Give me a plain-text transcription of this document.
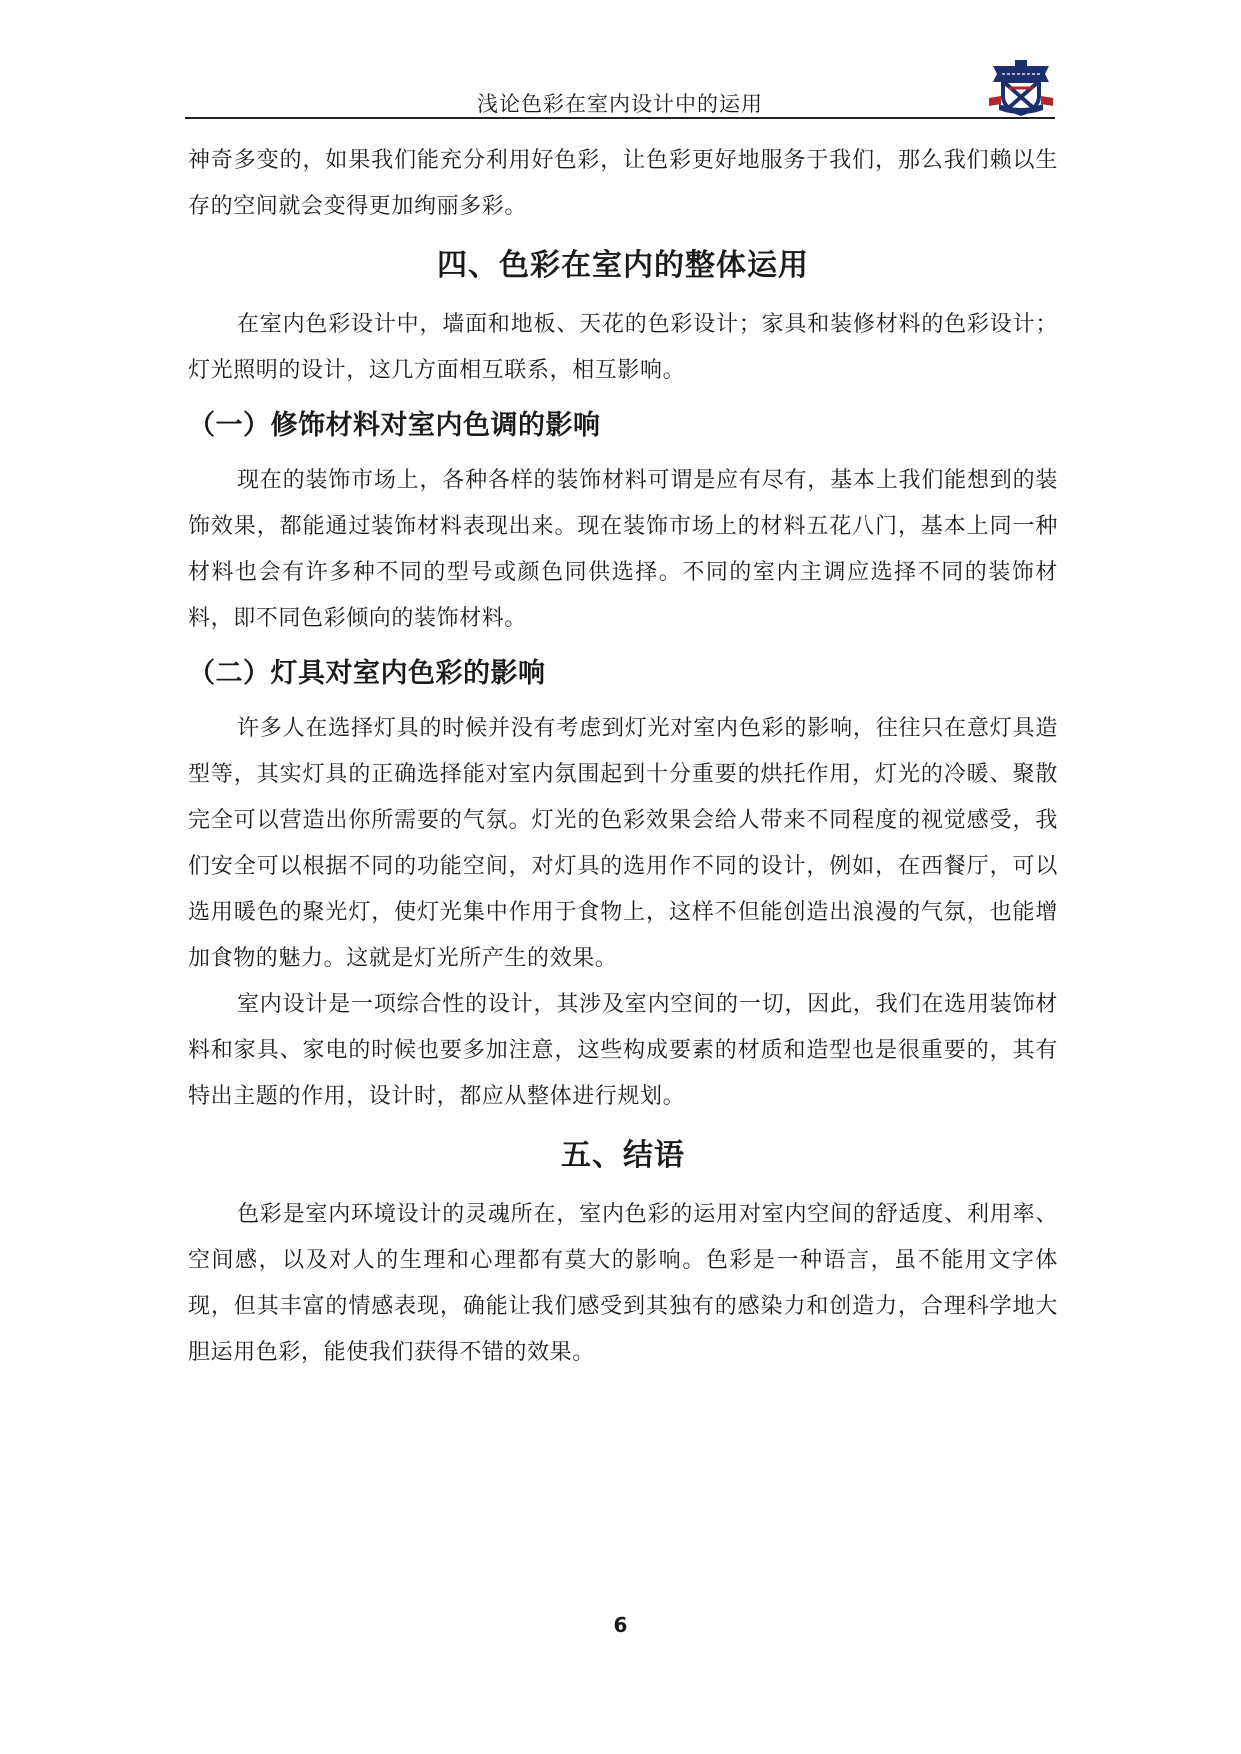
浅论色彩在室内设计中的运用

神奇多变的，如果我们能充分利用好色彩，让色彩更好地服务于我们，那么我们赖以生存的空间就会变得更加绚丽多彩。

四、色彩在室内的整体运用

在室内色彩设计中，墙面和地板、天花的色彩设计；家具和装修材料的色彩设计；灯光照明的设计，这几方面相互联系，相互影响。

（一）修饰材料对室内色调的影响

现在的装饰市场上，各种各样的装饰材料可谓是应有尽有，基本上我们能想到的装饰效果，都能通过装饰材料表现出来。现在装饰市场上的材料五花八门，基本上同一种材料也会有许多种不同的型号或颜色同供选择。不同的室内主调应选择不同的装饰材料，即不同色彩倾向的装饰材料。

（二）灯具对室内色彩的影响

许多人在选择灯具的时候并没有考虑到灯光对室内色彩的影响，往往只在意灯具造型等，其实灯具的正确选择能对室内氛围起到十分重要的烘托作用，灯光的冷暖、聚散完全可以营造出你所需要的气氛。灯光的色彩效果会给人带来不同程度的视觉感受，我们安全可以根据不同的功能空间，对灯具的选用作不同的设计，例如，在西餐厅，可以选用暖色的聚光灯，使灯光集中作用于食物上，这样不但能创造出浪漫的气氛，也能增加食物的魅力。这就是灯光所产生的效果。

室内设计是一项综合性的设计，其涉及室内空间的一切，因此，我们在选用装饰材料和家具、家电的时候也要多加注意，这些构成要素的材质和造型也是很重要的，其有特出主题的作用，设计时，都应从整体进行规划。

五、结语

色彩是室内环境设计的灵魂所在，室内色彩的运用对室内空间的舒适度、利用率、空间感，以及对人的生理和心理都有莫大的影响。色彩是一种语言，虽不能用文字体现，但其丰富的情感表现，确能让我们感受到其独有的感染力和创造力，合理科学地大胆运用色彩，能使我们获得不错的效果。

6
